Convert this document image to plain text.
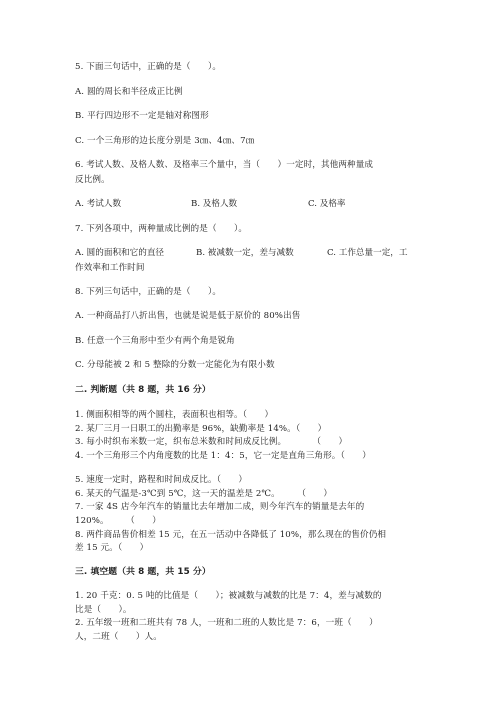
5. 下面三句话中，正确的是（　　）。
A. 圆的周长和半径成正比例
B. 平行四边形不一定是轴对称图形
C. 一个三角形的边长度分别是 3㎝、4㎝、7㎝
6. 考试人数、及格人数、及格率三个量中，当（　　）一定时，其他两种量成
反比例。
A. 考试人数	B. 及格人数	C. 及格率
7. 下列各项中，两种量成比例的是（　　）。
A. 圆的面积和它的直径	B. 被减数一定，差与减数	C. 工作总量一定，工
作效率和工作时间
8. 下列三句话中，正确的是（　　）。
A. 一种商品打八折出售，也就是说是低于原价的 80%出售
B. 任意一个三角形中至少有两个角是锐角
C. 分母能被 2 和 5 整除的分数一定能化为有限小数
二. 判断题（共 8 题，共 16 分）
1. 侧面积相等的两个圆柱，表面积也相等。（　　）
2. 某厂三月一日职工的出勤率是 96%，缺勤率是 14%。（　　）
3. 每小时织布米数一定，织布总米数和时间成反比例。　　　　（　　）
4. 一个三角形三个内角度数的比是 1：4：5，它一定是直角三角形。（　　）
5. 速度一定时，路程和时间成反比。（　　）
6. 某天的气温是-3℃到 5℃，这一天的温差是 2℃。　　　（　　）
7. 一家 4S 店今年汽车的销量比去年增加二成，则今年汽车的销量是去年的
120%。　　　（　　）
8. 两件商品售价相差 15 元，在五一活动中各降低了 10%，那么现在的售价仍相
差 15 元。（　　）
三. 填空题（共 8 题，共 15 分）
1. 20 千克：0. 5 吨的比值是（　　）；被减数与减数的比是 7：4，差与减数的
比是（　　）。
2. 五年级一班和二班共有 78 人，一班和二班的人数比是 7：6，一班（　　）
人，二班（　　）人。
